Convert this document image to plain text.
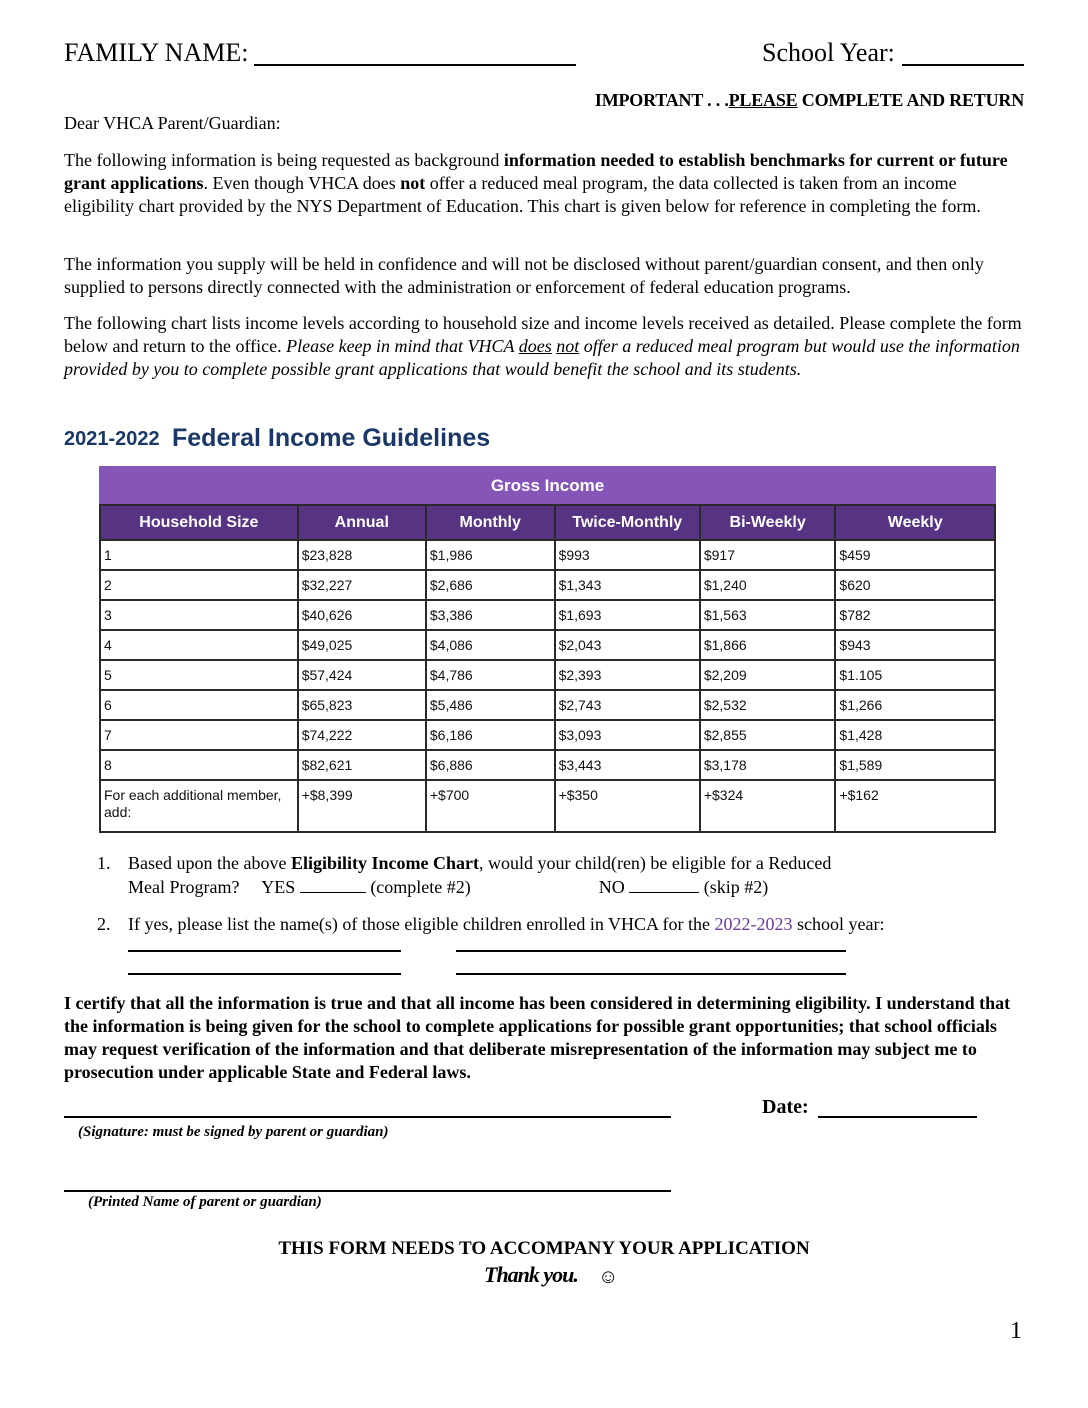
FAMILY NAME:	School Year:
IMPORTANT . . .PLEASE COMPLETE AND RETURN
Dear VHCA Parent/Guardian:
The following information is being requested as background information needed to establish benchmarks for current or future grant applications. Even though VHCA does not offer a reduced meal program, the data collected is taken from an income eligibility chart provided by the NYS Department of Education. This chart is given below for reference in completing the form.
The information you supply will be held in confidence and will not be disclosed without parent/guardian consent, and then only supplied to persons directly connected with the administration or enforcement of federal education programs.
The following chart lists income levels according to household size and income levels received as detailed. Please complete the form below and return to the office. Please keep in mind that VHCA does not offer a reduced meal program but would use the information provided by you to complete possible grant applications that would benefit the school and its students.
2021-2022 Federal Income Guidelines
Gross Income					
Household Size	Annual	Monthly	Twice-Monthly	Bi-Weekly	Weekly
1	$23,828	$1,986	$993	$917	$459
2	$32,227	$2,686	$1,343	$1,240	$620
3	$40,626	$3,386	$1,693	$1,563	$782
4	$49,025	$4,086	$2,043	$1,866	$943
5	$57,424	$4,786	$2,393	$2,209	$1.105
6	$65,823	$5,486	$2,743	$2,532	$1,266
7	$74,222	$6,186	$3,093	$2,855	$1,428
8	$82,621	$6,886	$3,443	$3,178	$1,589
For each additional member, add:	+$8,399	+$700	+$350	+$324	+$162
1. Based upon the above Eligibility Income Chart, would your child(ren) be eligible for a Reduced
Meal Program?     YES	(complete #2)	NO	(skip #2)
2. If yes, please list the name(s) of those eligible children enrolled in VHCA for the 2022-2023 school year:
I certify that all the information is true and that all income has been considered in determining eligibility. I understand that the information is being given for the school to complete applications for possible grant opportunities; that school officials may request verification of the information and that deliberate misrepresentation of the information may subject me to prosecution under applicable State and Federal laws.
(Signature: must be signed by parent or guardian)
Date:
(Printed Name of parent or guardian)
THIS FORM NEEDS TO ACCOMPANY YOUR APPLICATION
Thank you. ☺
1
